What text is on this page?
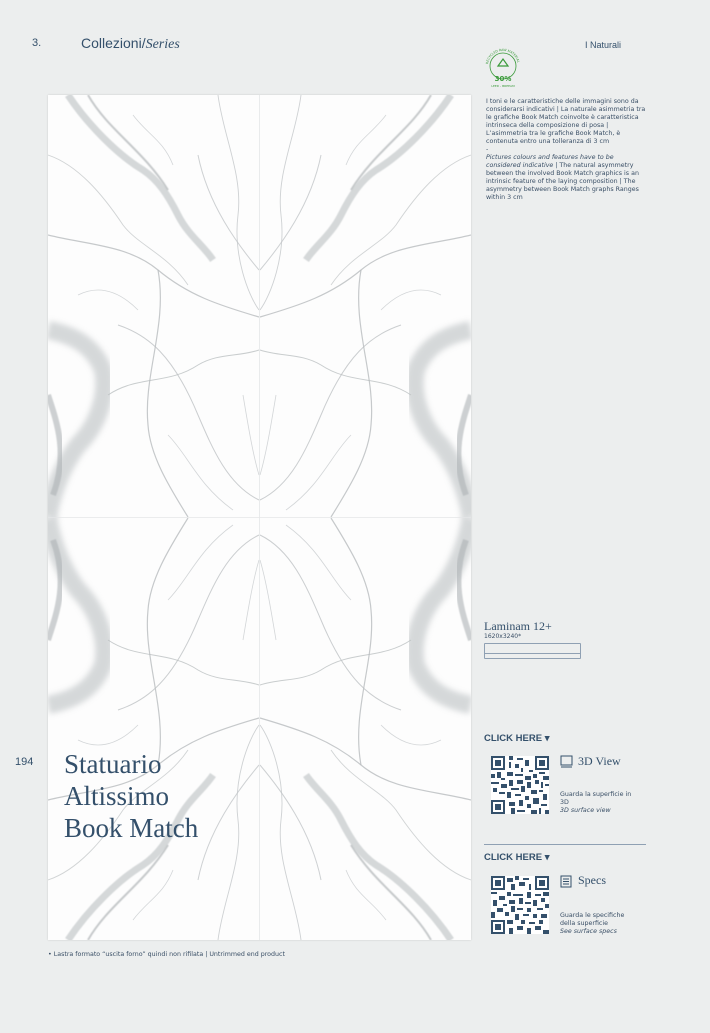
3.	Collezioni/Series	I Naturali
RECYCLED RAW MATERIAL
30%
LEED - BREEAM
I toni e le caratteristiche delle immagini sono da considerarsi indicativi | La naturale asimmetria tra le grafiche Book Match coinvolte è caratteristica intrinseca della composizione di posa | L’asimmetria tra le grafiche Book Match, è contenuta entro una tolleranza di 3 cm
-
Pictures colours and features have to be considered indicative | The natural asymmetry between the involved Book Match graphics is an intrinsic feature of the laying composition | The asymmetry between Book Match graphs Ranges within 3 cm
194 Statuario
Altissimo
Book Match
• Lastra formato “uscita forno” quindi non rifilata | Untrimmed end product
Laminam 12+
1620x3240*
CLICK HERE ▾
3D View
Guarda la superficie in 3D
3D surface view
CLICK HERE ▾
Specs
Guarda le specifiche della superficie
See surface specs
